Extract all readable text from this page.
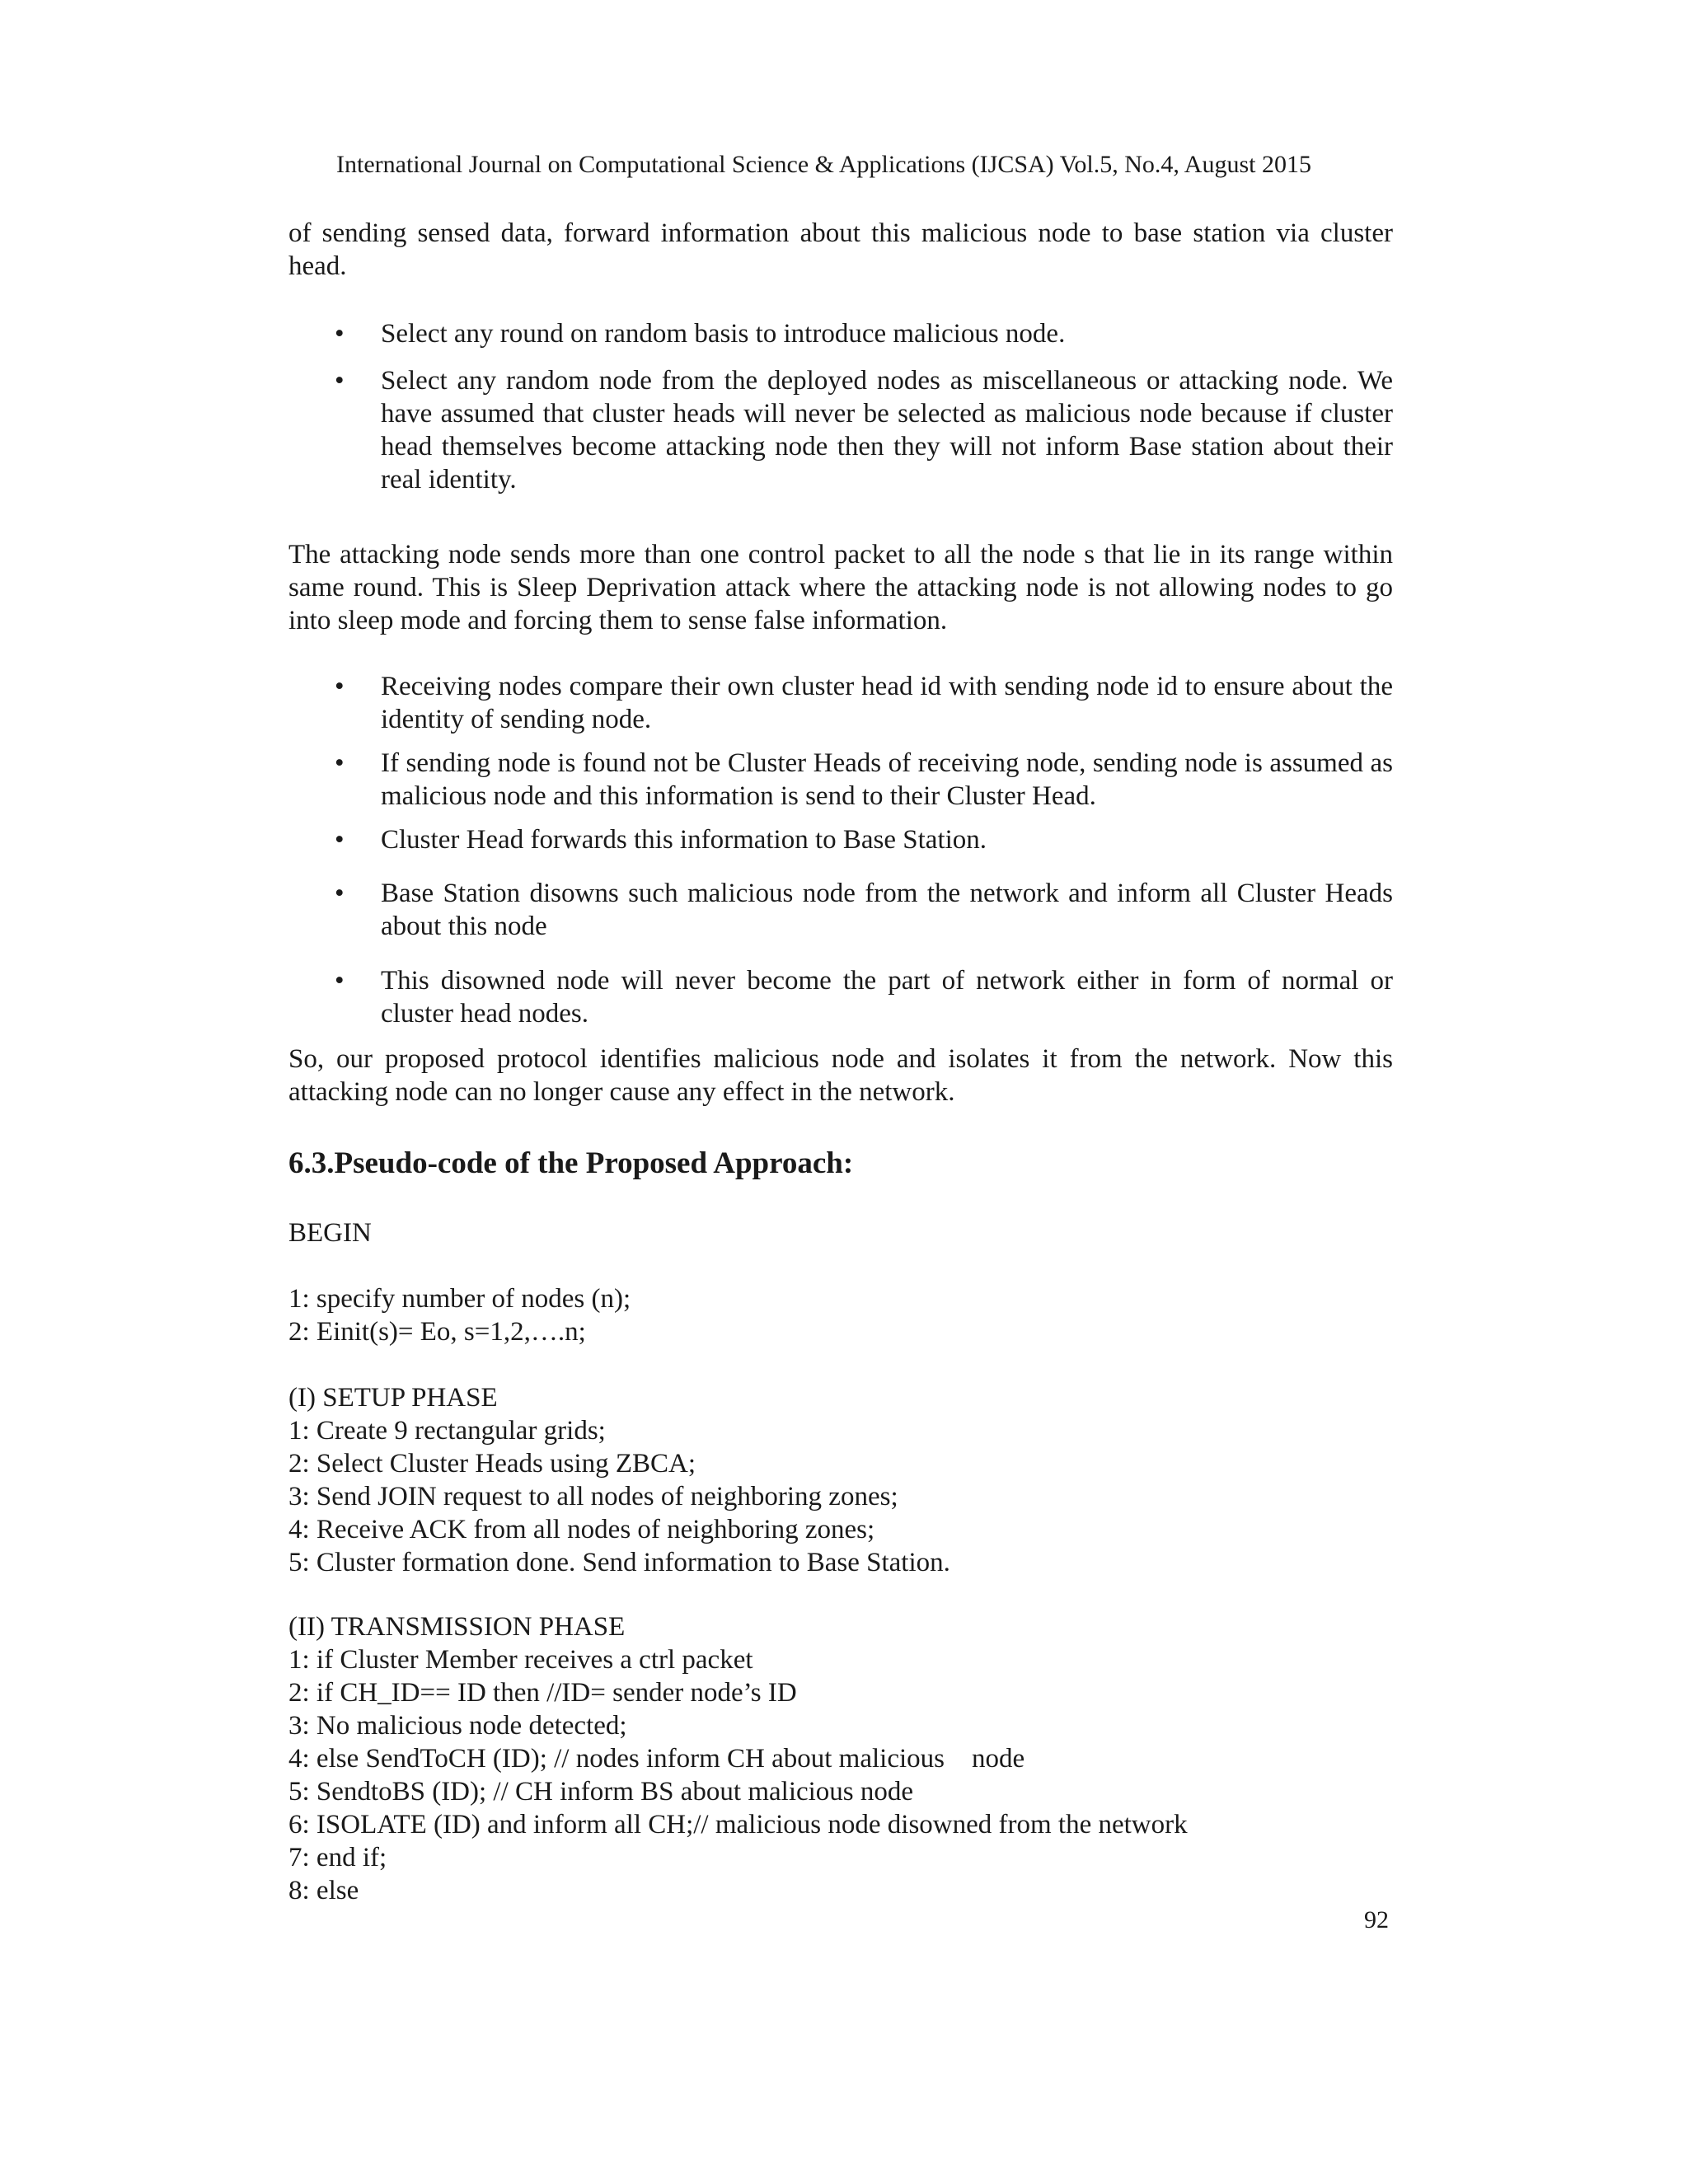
International Journal on Computational Science & Applications (IJCSA) Vol.5, No.4, August 2015
of sending sensed data, forward information about this malicious node to base station via cluster head.
• Select any round on random basis to introduce malicious node.
• Select any random node from the deployed nodes as miscellaneous or attacking node. We have assumed that cluster heads will never be selected as malicious node because if cluster head themselves become attacking node then they will not inform Base station about their real identity.
The attacking node sends more than one control packet to all the node s that lie in its range within same round. This is Sleep Deprivation attack where the attacking node is not allowing nodes to go into sleep mode and forcing them to sense false information.
• Receiving nodes compare their own cluster head id with sending node id to ensure about the identity of sending node.
• If sending node is found not be Cluster Heads of receiving node, sending node is assumed as malicious node and this information is send to their Cluster Head.
• Cluster Head forwards this information to Base Station.
• Base Station disowns such malicious node from the network and inform all Cluster Heads about this node
• This disowned node will never become the part of network either in form of normal or cluster head nodes.
So, our proposed protocol identifies malicious node and isolates it from the network. Now this attacking node can no longer cause any effect in the network.
6.3.Pseudo-code of the Proposed Approach:
BEGIN
1: specify number of nodes (n);
2: Einit(s)= Eo, s=1,2,….n;
(I) SETUP PHASE
1: Create 9 rectangular grids;
2: Select Cluster Heads using ZBCA;
3: Send JOIN request to all nodes of neighboring zones;
4: Receive ACK from all nodes of neighboring zones;
5: Cluster formation done. Send information to Base Station.
(II) TRANSMISSION PHASE
1: if Cluster Member receives a ctrl packet
2: if CH_ID== ID then //ID= sender node’s ID
3: No malicious node detected;
4: else SendToCH (ID); // nodes inform CH about malicious    node
5: SendtoBS (ID); // CH inform BS about malicious node
6: ISOLATE (ID) and inform all CH;// malicious node disowned from the network
7: end if;
8: else
92
